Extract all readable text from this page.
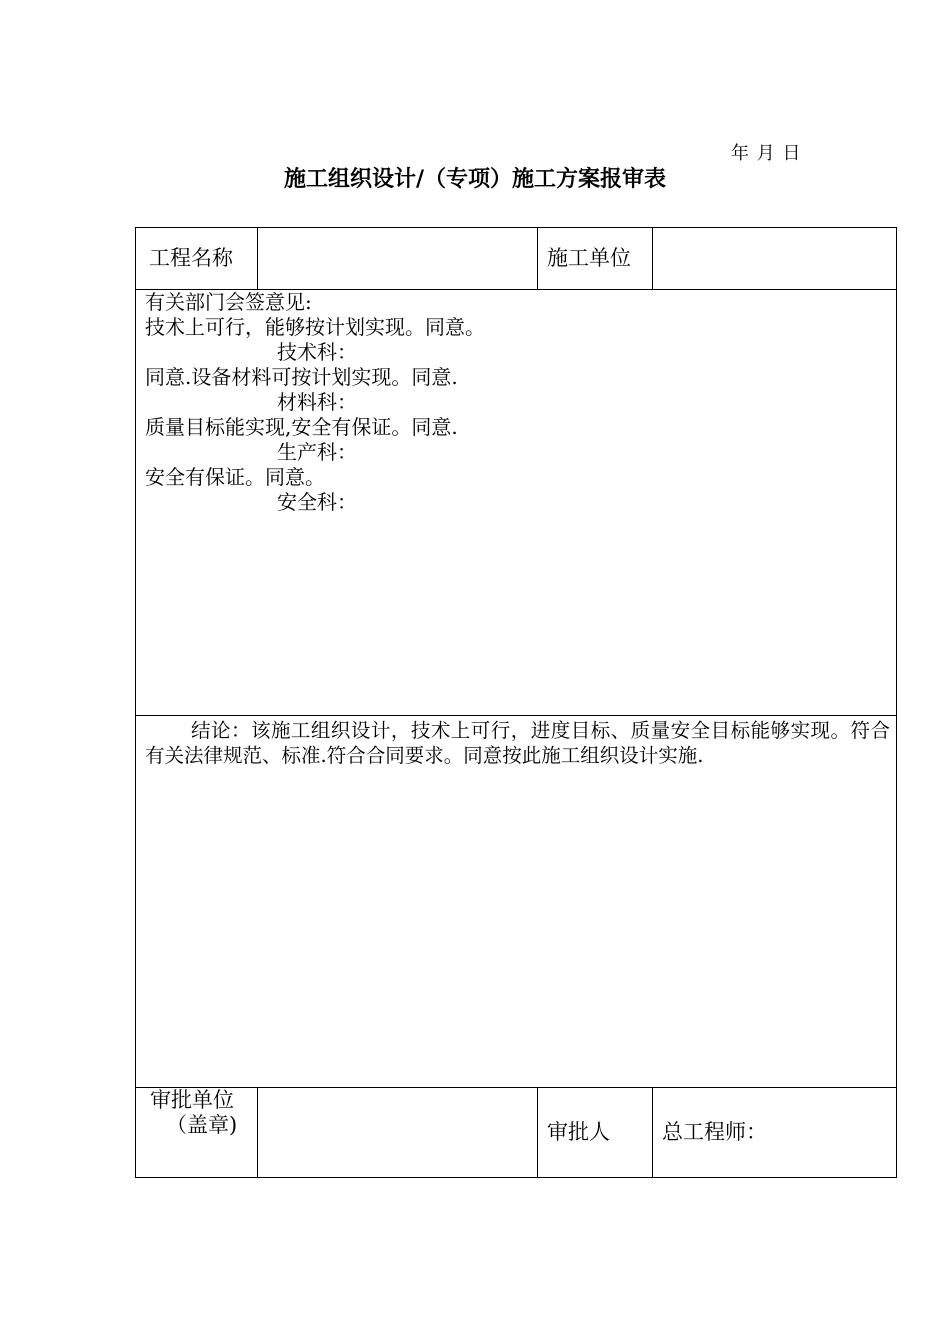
年 月 日
施工组织设计/（专项）施工方案报审表
工程名称	施工单位
有关部门会签意见:
技术上可行，能够按计划实现。同意。
技术科：
同意.设备材料可按计划实现。同意.
材料科：
质量目标能实现,安全有保证。同意.
生产科：
安全有保证。同意。
安全科：
结论：该施工组织设计，技术上可行，进度目标、质量安全目标能够实现。符合有关法律规范、标准.符合合同要求。同意按此施工组织设计实施.
审批单位
（盖章)	审批人 总工程师：
